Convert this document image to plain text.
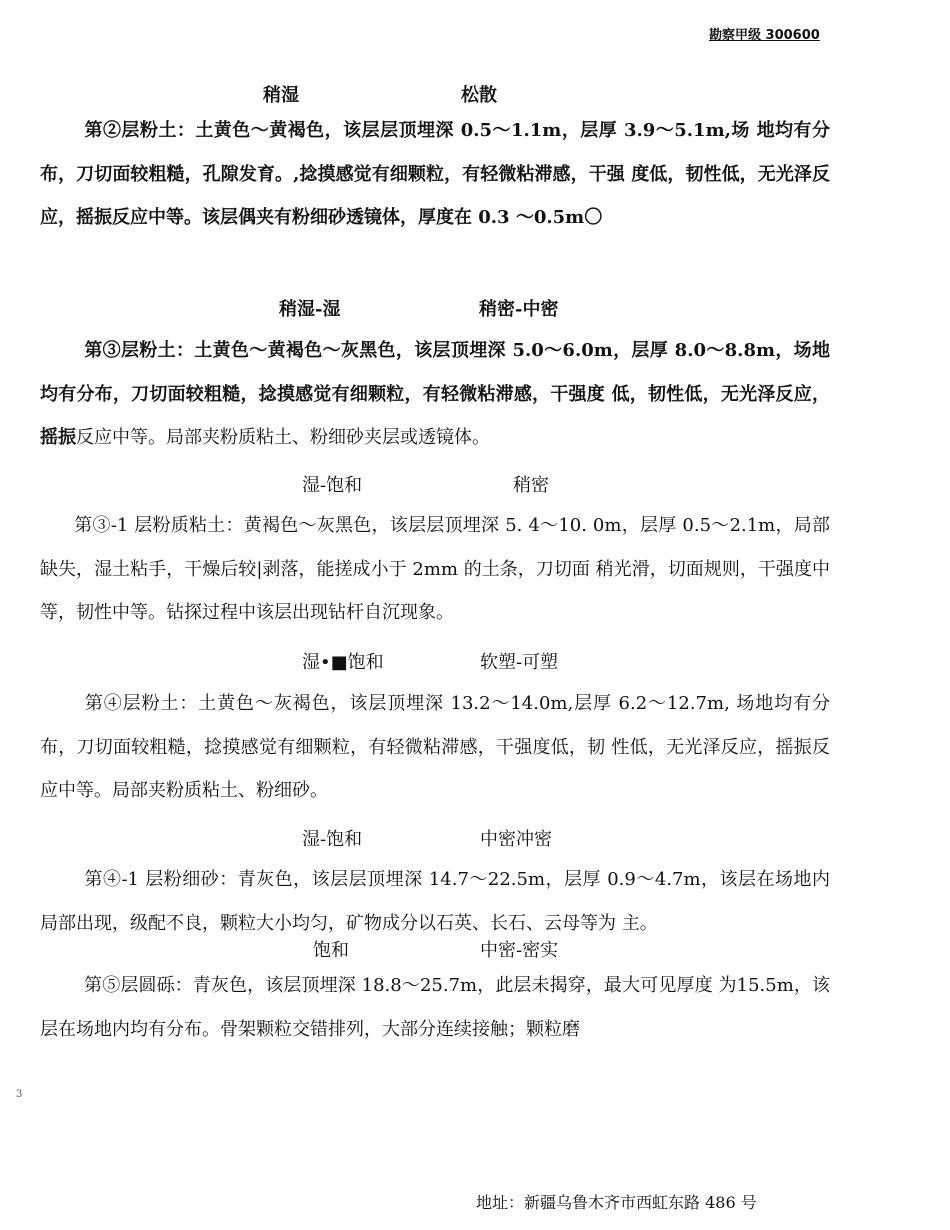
勘察甲级 300600
稍湿	松散
第②层粉土：土黄色〜黄褐色，该层层顶埋深 0.5〜1.1m，层厚 3.9〜5.1m,场 地均有分布，刀切面较粗糙，孔隙发育。,捻摸感觉有细颗粒，有轻微粘滞感，干强 度低，韧性低，无光泽反应，摇振反应中等。该层偶夹有粉细砂透镜体，厚度在 0.3 〜0.5m〇
稍湿-湿	稍密-中密
第③层粉土：土黄色〜黄褐色〜灰黑色，该层顶埋深 5.0〜6.0m，层厚 8.0〜8.8m，场地均有分布，刀切面较粗糙，捻摸感觉有细颗粒，有轻微粘滞感，干强度 低，韧性低，无光泽反应，摇振反应中等。局部夹粉质粘土、粉细砂夹层或透镜体。
湿-饱和	稍密
第③-1 层粉质粘土：黄褐色〜灰黑色，该层层顶埋深 5. 4〜10. 0m，层厚 0.5〜2.1m，局部缺失，湿土粘手，干燥后较|剥落，能搓成小于 2mm 的土条，刀切面 稍光滑，切面规则，干强度中等，韧性中等。钻探过程中该层出现钻杆自沉现象。
湿•■饱和	软塑-可塑
第④层粉土：土黄色〜灰褐色，该层顶埋深 13.2〜14.0m,层厚 6.2〜12.7m, 场地均有分布，刀切面较粗糙，捻摸感觉有细颗粒，有轻微粘滞感，干强度低，韧 性低，无光泽反应，摇振反应中等。局部夹粉质粘土、粉细砂。
湿-饱和	中密冲密
第④-1 层粉细砂：青灰色，该层层顶埋深 14.7〜22.5m，层厚 0.9〜4.7m，该层在场地内局部出现，级配不良，颗粒大小均匀，矿物成分以石英、长石、云母等为 主。
饱和	中密-密实
第⑤层圆砾：青灰色，该层顶埋深 18.8〜25.7m，此层未揭穿，最大可见厚度 为15.5m，该层在场地内均有分布。骨架颗粒交错排列，大部分连续接触；颗粒磨
3
地址：新疆乌鲁木齐市西虹东路 486 号
